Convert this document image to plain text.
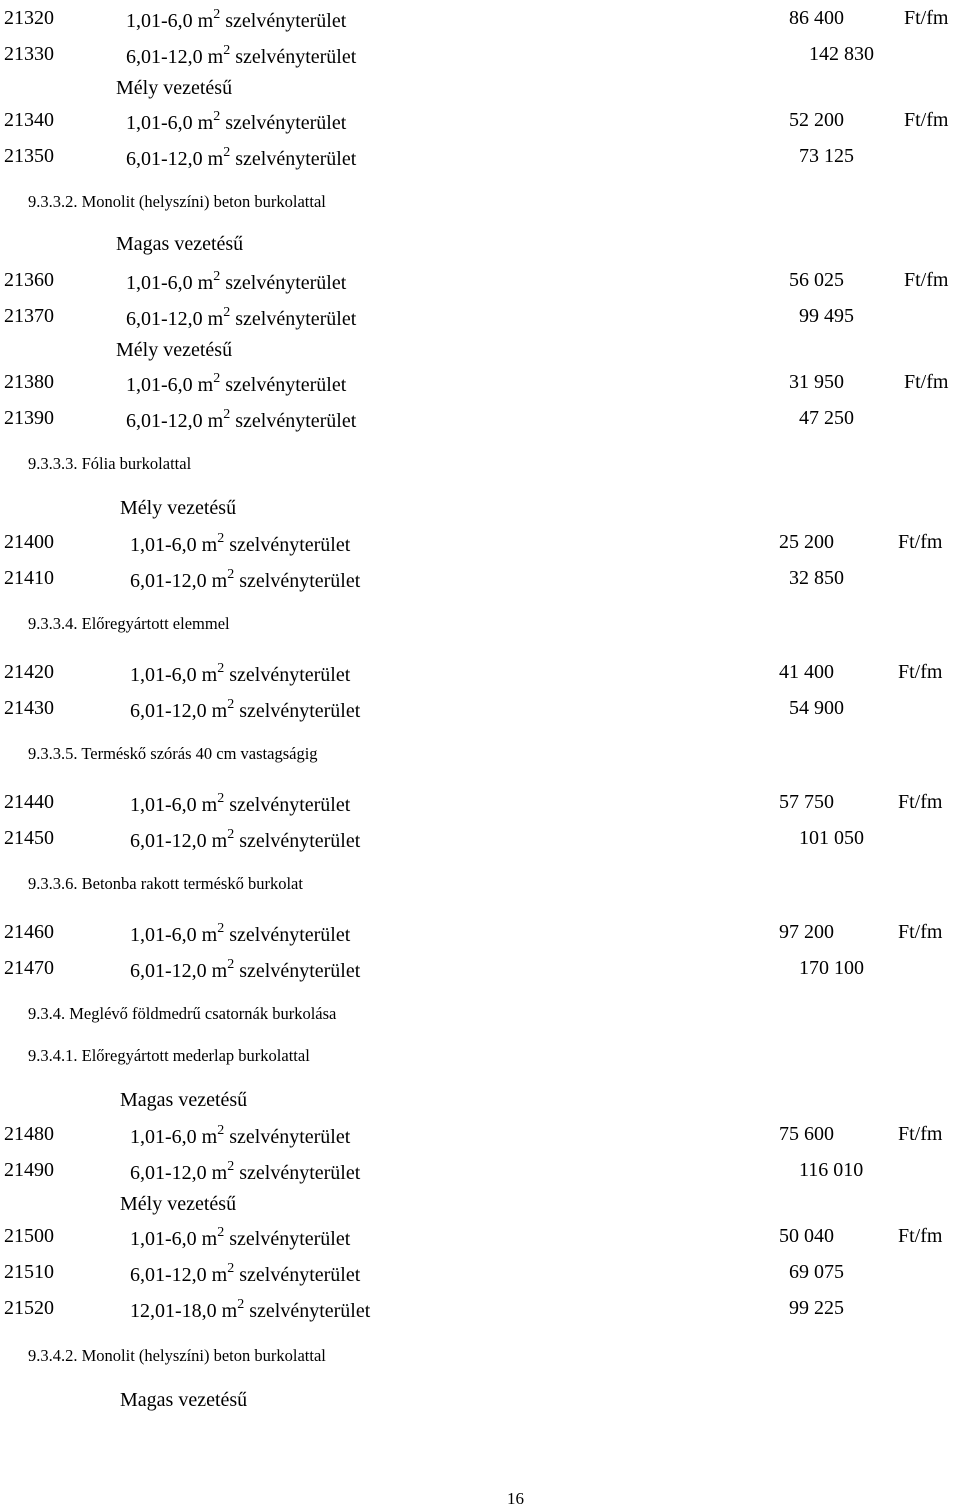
21320	1,01-6,0 $m^2$ szelvényterület	86 400	Ft/fm
21330	6,01-12,0 $m^2$ szelvényterület	142 830
Mély vezetésű
21340	1,01-6,0 $m^2$ szelvényterület	52 200	Ft/fm
21350	6,01-12,0 $m^2$ szelvényterület	73 125
9.3.3.2. Monolit (helyszíni) beton burkolattal
Magas vezetésű
21360	1,01-6,0 $m^2$ szelvényterület	56 025	Ft/fm
21370	6,01-12,0 $m^2$ szelvényterület	99 495
Mély vezetésű
21380	1,01-6,0 $m^2$ szelvényterület	31 950	Ft/fm
21390	6,01-12,0 $m^2$ szelvényterület	47 250
9.3.3.3. Fólia burkolattal
Mély vezetésű
21400	1,01-6,0 $m^2$ szelvényterület	25 200	Ft/fm
21410	6,01-12,0 $m^2$ szelvényterület	32 850
9.3.3.4. Előregyártott elemmel
21420	1,01-6,0 $m^2$ szelvényterület	41 400	Ft/fm
21430	6,01-12,0 $m^2$ szelvényterület	54 900
9.3.3.5. Terméskő szórás 40 cm vastagságig
21440	1,01-6,0 $m^2$ szelvényterület	57 750	Ft/fm
21450	6,01-12,0 $m^2$ szelvényterület	101 050
9.3.3.6. Betonba rakott terméskő burkolat
21460	1,01-6,0 $m^2$ szelvényterület	97 200	Ft/fm
21470	6,01-12,0 $m^2$ szelvényterület	170 100
9.3.4. Meglévő földmedrű csatornák burkolása
9.3.4.1. Előregyártott mederlap burkolattal
Magas vezetésű
21480	1,01-6,0 $m^2$ szelvényterület	75 600	Ft/fm
21490	6,01-12,0 $m^2$ szelvényterület	116 010
Mély vezetésű
21500	1,01-6,0 $m^2$ szelvényterület	50 040	Ft/fm
21510	6,01-12,0 $m^2$ szelvényterület	69 075
21520	12,01-18,0 $m^2$ szelvényterület	99 225
9.3.4.2. Monolit (helyszíni) beton burkolattal
Magas vezetésű
16
